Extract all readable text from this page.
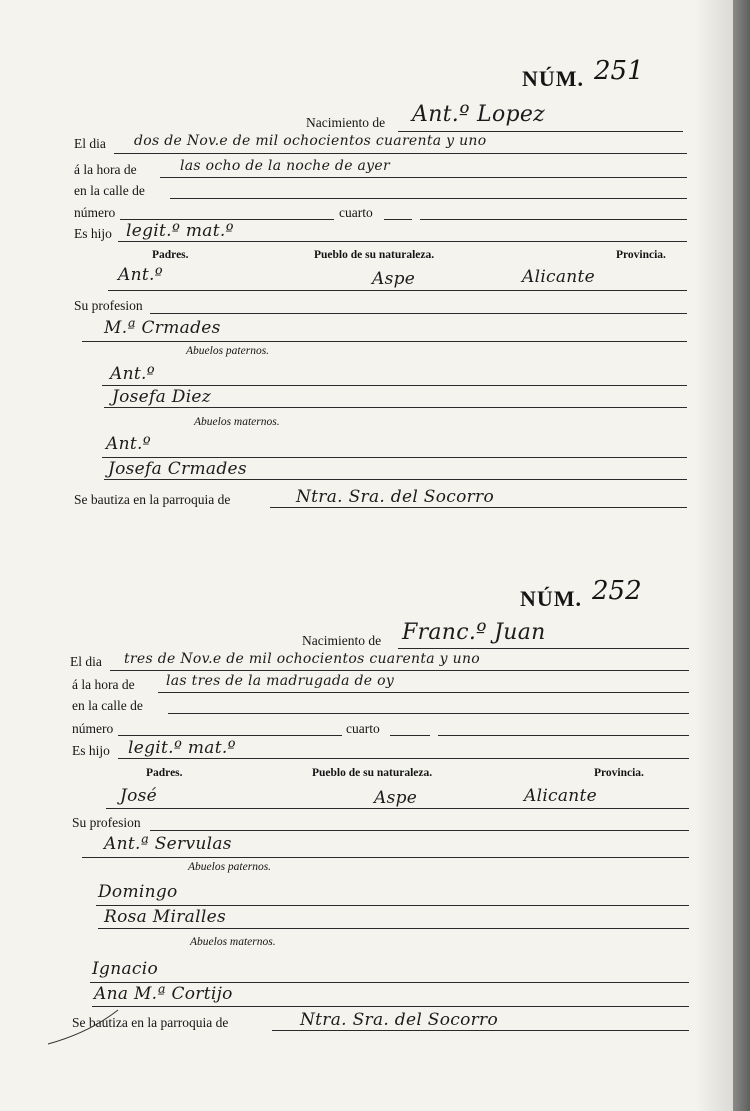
NÚM. 251
Nacimiento de Ant.º Lopez
El dia dos de Nov.e de mil ochocientos cuarenta y uno
á la hora de	las ocho de la noche de ayer
en la calle de
número	cuarto
Es hijo legit.º mat.º
Padres.	Pueblo de su naturaleza.	Provincia.
Ant.º	Aspe	Alicante
Su profesion
M.ª Crmades
Abuelos paternos.
Ant.º
Josefa Diez
Abuelos maternos.
Ant.º
Josefa Crmades
Se bautiza en la parroquia de	Ntra. Sra. del Socorro
NÚM. 252
Nacimiento de Franc.º Juan
El dia tres de Nov.e de mil ochocientos cuarenta y uno
á la hora de las tres de la madrugada de oy
en la calle de
número	cuarto
Es hijo legit.º mat.º
Padres.	Pueblo de su naturaleza.	Provincia.
José	Aspe	Alicante
Su profesion
Ant.ª Servulas
Abuelos paternos.
Domingo
Rosa Miralles
Abuelos maternos.
Ignacio
Ana M.ª Cortijo
Se bautiza en la parroquia de	Ntra. Sra. del Socorro
